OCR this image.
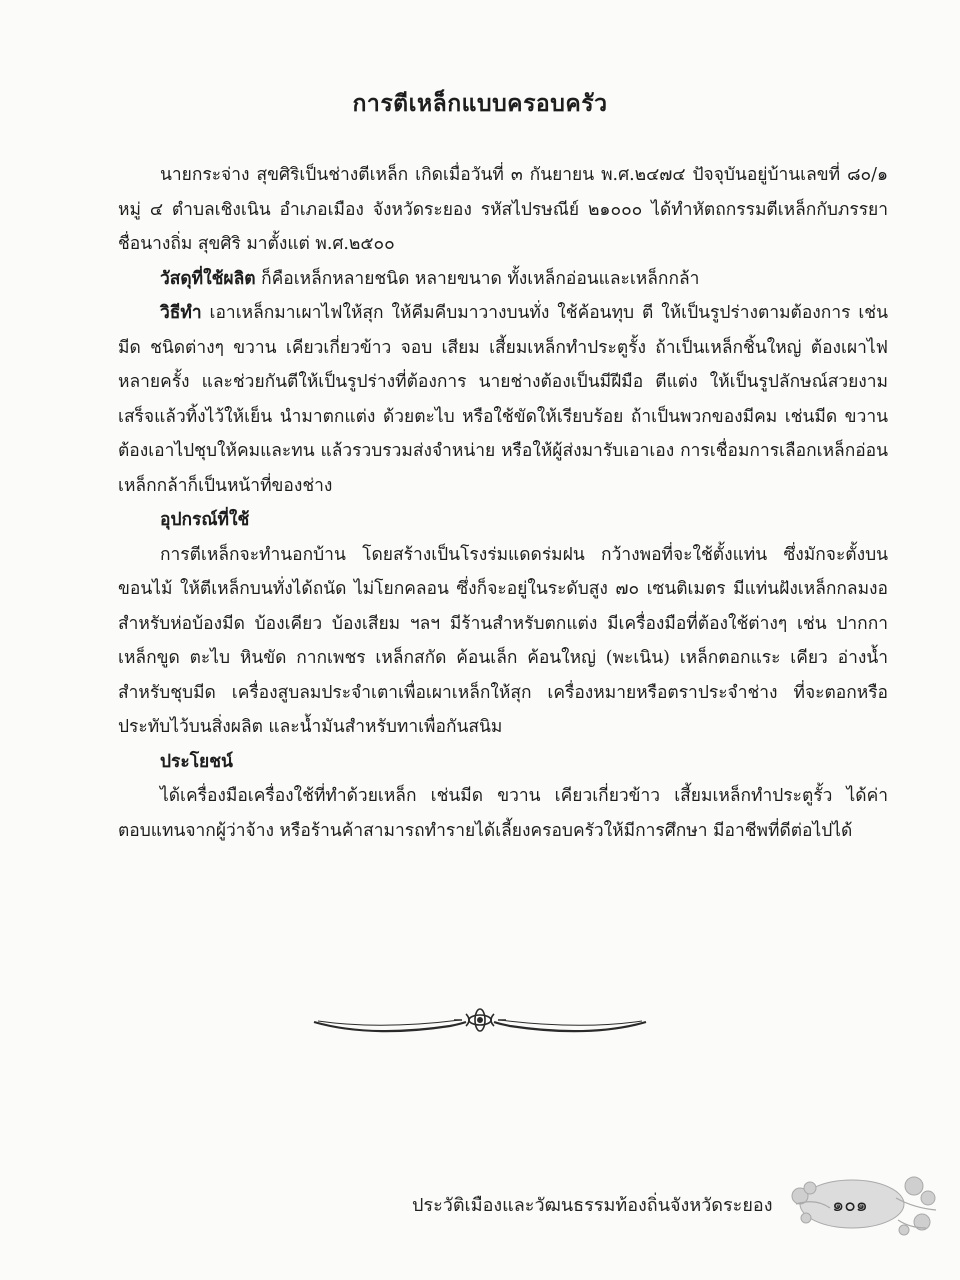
การตีเหล็กแบบครอบครัว

นายกระจ่าง สุขศิริเป็นช่างตีเหล็ก เกิดเมื่อวันที่ ๓ กันยายน พ.ศ.๒๔๗๔ ปัจจุบันอยู่บ้านเลขที่ ๘๐/๑ หมู่ ๔ ตำบลเชิงเนิน อำเภอเมือง จังหวัดระยอง รหัสไปรษณีย์ ๒๑๐๐๐ ได้ทำหัตถกรรมตีเหล็กกับภรรยา ชื่อนางถิ่ม สุขศิริ มาตั้งแต่ พ.ศ.๒๕๐๐

วัสดุที่ใช้ผลิต ก็คือเหล็กหลายชนิด หลายขนาด ทั้งเหล็กอ่อนและเหล็กกล้า

วิธีทำ เอาเหล็กมาเผาไฟให้สุก ให้คีมคีบมาวางบนทั่ง ใช้ค้อนทุบ ตี ให้เป็นรูปร่างตามต้องการ เช่น มีด ชนิดต่างๆ ขวาน เคียวเกี่ยวข้าว จอบ เสียม เสี้ยมเหล็กทำประตูรั้ง ถ้าเป็นเหล็กชิ้นใหญ่ ต้องเผาไฟหลายครั้ง และช่วยกันตีให้เป็นรูปร่างที่ต้องการ นายช่างต้องเป็นมีฝีมือ ตีแต่ง ให้เป็นรูปลักษณ์สวยงาม เสร็จแล้วทิ้งไว้ให้เย็น นำมาตกแต่ง ด้วยตะไบ หรือใช้ขัดให้เรียบร้อย ถ้าเป็นพวกของมีคม เช่นมีด ขวาน ต้องเอาไปชุบให้คมและทน แล้วรวบรวมส่งจำหน่าย หรือให้ผู้ส่งมารับเอาเอง การเชื่อมการเลือกเหล็กอ่อน เหล็กกล้าก็เป็นหน้าที่ของช่าง

อุปกรณ์ที่ใช้

การตีเหล็กจะทำนอกบ้าน โดยสร้างเป็นโรงร่มแดดร่มฝน กว้างพอที่จะใช้ตั้งแท่น ซึ่งมักจะตั้งบนขอนไม้ ให้ตีเหล็กบนทั่งได้ถนัด ไม่โยกคลอน ซึ่งก็จะอยู่ในระดับสูง ๗๐ เซนติเมตร มีแท่นฝังเหล็กกลมงอ สำหรับห่อบ้องมีด บ้องเคียว บ้องเสียม ฯลฯ มีร้านสำหรับตกแต่ง มีเครื่องมือที่ต้องใช้ต่างๆ เช่น ปากกา เหล็กขูด ตะไบ หินขัด กากเพชร เหล็กสกัด ค้อนเล็ก ค้อนใหญ่ (พะเนิน) เหล็กตอกแระ เคียว อ่างน้ำสำหรับชุบมีด เครื่องสูบลมประจำเตาเพื่อเผาเหล็กให้สุก เครื่องหมายหรือตราประจำช่าง ที่จะตอกหรือประทับไว้บนสิ่งผลิต และน้ำมันสำหรับทาเพื่อกันสนิม

ประโยชน์

ได้เครื่องมือเครื่องใช้ที่ทำด้วยเหล็ก เช่นมีด ขวาน เคียวเกี่ยวข้าว เสี้ยมเหล็กทำประตูรั้ว ได้ค่าตอบแทนจากผู้ว่าจ้าง หรือร้านค้าสามารถทำรายได้เลี้ยงครอบครัวให้มีการศึกษา มีอาชีพที่ดีต่อไปได้

ประวัติเมืองและวัฒนธรรมท้องถิ่นจังหวัดระยอง	๑๐๑
